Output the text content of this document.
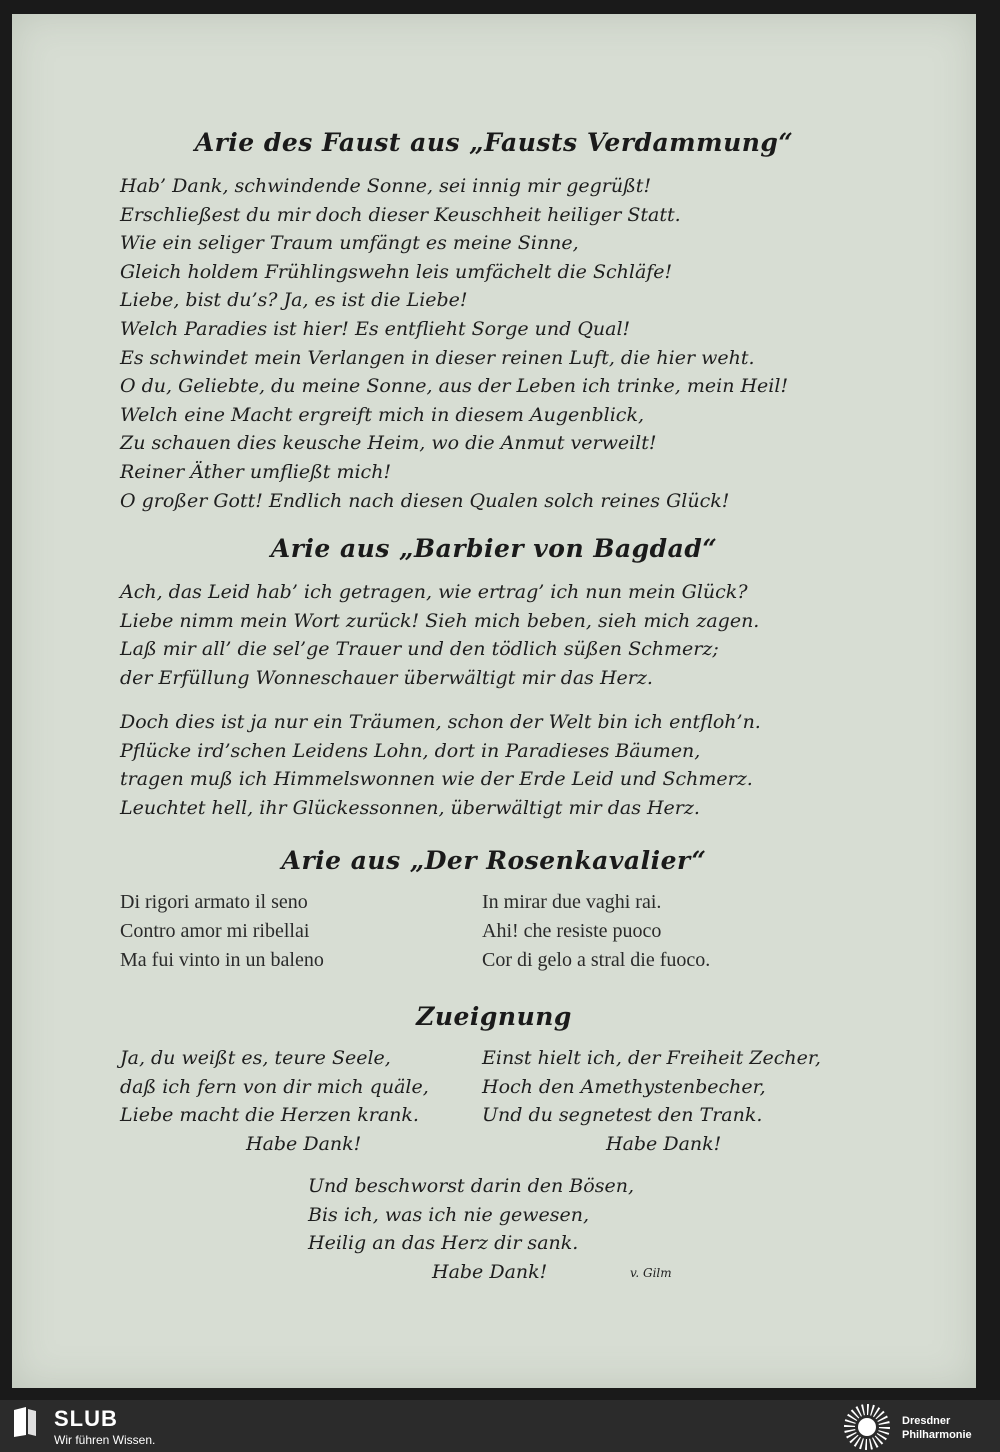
Arie des Faust aus „Fausts Verdammung“
Hab’ Dank, schwindende Sonne, sei innig mir gegrüßt!
Erschließest du mir doch dieser Keuschheit heiliger Statt.
Wie ein seliger Traum umfängt es meine Sinne,
Gleich holdem Frühlingswehn leis umfächelt die Schläfe!
Liebe, bist du’s? Ja, es ist die Liebe!
Welch Paradies ist hier! Es entflieht Sorge und Qual!
Es schwindet mein Verlangen in dieser reinen Luft, die hier weht.
O du, Geliebte, du meine Sonne, aus der Leben ich trinke, mein Heil!
Welch eine Macht ergreift mich in diesem Augenblick,
Zu schauen dies keusche Heim, wo die Anmut verweilt!
Reiner Äther umfließt mich!
O großer Gott! Endlich nach diesen Qualen solch reines Glück!
Arie aus „Barbier von Bagdad“
Ach, das Leid hab’ ich getragen, wie ertrag’ ich nun mein Glück?
Liebe nimm mein Wort zurück! Sieh mich beben, sieh mich zagen.
Laß mir all’ die sel’ge Trauer und den tödlich süßen Schmerz;
der Erfüllung Wonneschauer überwältigt mir das Herz.
Doch dies ist ja nur ein Träumen, schon der Welt bin ich entfloh’n.
Pflücke ird’schen Leidens Lohn, dort in Paradieses Bäumen,
tragen muß ich Himmelswonnen wie der Erde Leid und Schmerz.
Leuchtet hell, ihr Glückessonnen, überwältigt mir das Herz.
Arie aus „Der Rosenkavalier“
Di rigori armato il seno
Contro amor mi ribellai
Ma fui vinto in un baleno
In mirar due vaghi rai.
Ahi! che resiste puoco
Cor di gelo a stral die fuoco.
Zueignung
Ja, du weißt es, teure Seele,
daß ich fern von dir mich quäle,
Liebe macht die Herzen krank.
Habe Dank!
Einst hielt ich, der Freiheit Zecher,
Hoch den Amethystenbecher,
Und du segnetest den Trank.
Habe Dank!
Und beschworst darin den Bösen,
Bis ich, was ich nie gewesen,
Heilig an das Herz dir sank.
Habe Dank!	v. Gilm
SLUB
Wir führen Wissen.
Dresdner
Philharmonie
